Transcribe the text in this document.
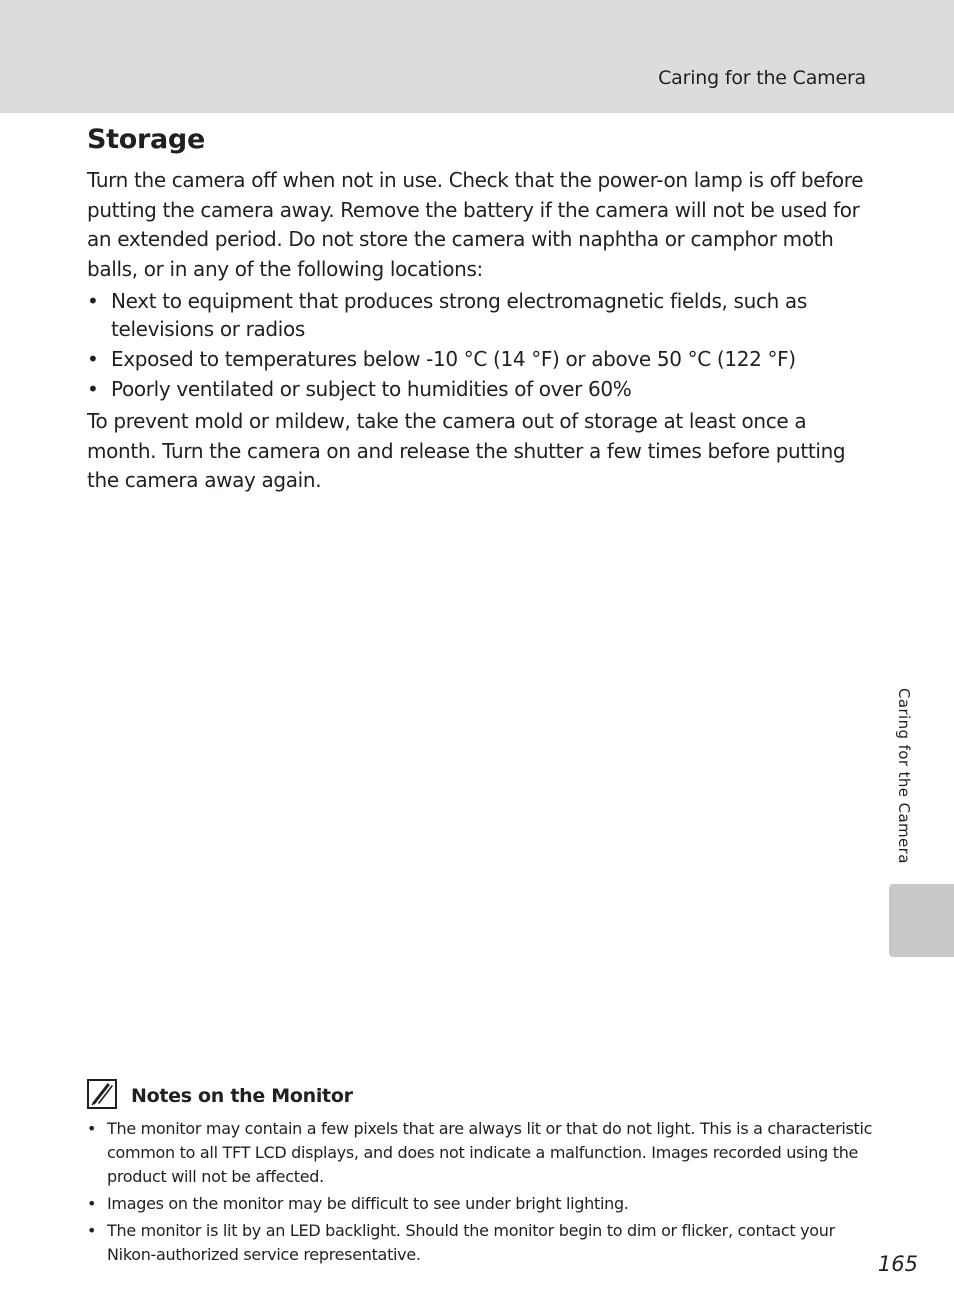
Caring for the Camera
Storage

Turn the camera off when not in use. Check that the power-on lamp is off before putting the camera away. Remove the battery if the camera will not be used for an extended period. Do not store the camera with naphtha or camphor moth balls, or in any of the following locations:

• Next to equipment that produces strong electromagnetic fields, such as televisions or radios
• Exposed to temperatures below -10 °C (14 °F) or above 50 °C (122 °F)
• Poorly ventilated or subject to humidities of over 60%

To prevent mold or mildew, take the camera out of storage at least once a month. Turn the camera on and release the shutter a few times before putting the camera away again.

Caring for the Camera
Notes on the Monitor
• The monitor may contain a few pixels that are always lit or that do not light. This is a characteristic common to all TFT LCD displays, and does not indicate a malfunction. Images recorded using the product will not be affected.
• Images on the monitor may be difficult to see under bright lighting.
• The monitor is lit by an LED backlight. Should the monitor begin to dim or flicker, contact your Nikon-authorized service representative.	165
